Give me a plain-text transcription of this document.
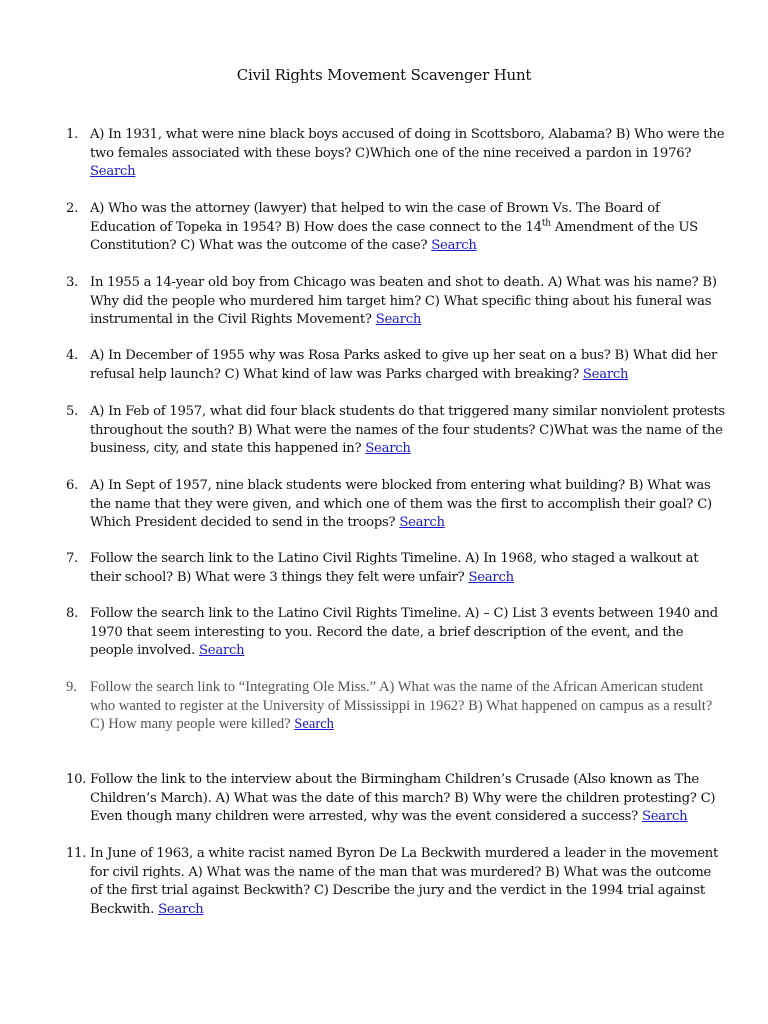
Civil Rights Movement Scavenger Hunt
1. A) In 1931, what were nine black boys accused of doing in Scottsboro, Alabama? B) Who were the two females associated with these boys? C)Which one of the nine received a pardon in 1976? Search
2. A) Who was the attorney (lawyer) that helped to win the case of Brown Vs. The Board of Education of Topeka in 1954? B) How does the case connect to the 14th Amendment of the US Constitution? C) What was the outcome of the case? Search
3. In 1955 a 14-year old boy from Chicago was beaten and shot to death. A) What was his name? B) Why did the people who murdered him target him? C) What specific thing about his funeral was instrumental in the Civil Rights Movement? Search
4. A) In December of 1955 why was Rosa Parks asked to give up her seat on a bus? B) What did her refusal help launch? C) What kind of law was Parks charged with breaking? Search
5. A) In Feb of 1957, what did four black students do that triggered many similar nonviolent protests throughout the south? B) What were the names of the four students? C)What was the name of the business, city, and state this happened in? Search
6. A) In Sept of 1957, nine black students were blocked from entering what building? B) What was the name that they were given, and which one of them was the first to accomplish their goal? C) Which President decided to send in the troops? Search
7. Follow the search link to the Latino Civil Rights Timeline. A) In 1968, who staged a walkout at their school? B) What were 3 things they felt were unfair? Search
8. Follow the search link to the Latino Civil Rights Timeline. A) – C) List 3 events between 1940 and 1970 that seem interesting to you. Record the date, a brief description of the event, and the people involved. Search
9. Follow the search link to “Integrating Ole Miss.” A) What was the name of the African American student who wanted to register at the University of Mississippi in 1962? B) What happened on campus as a result? C) How many people were killed? Search
10. Follow the link to the interview about the Birmingham Children’s Crusade (Also known as The Children’s March). A) What was the date of this march? B) Why were the children protesting? C) Even though many children were arrested, why was the event considered a success? Search
11. In June of 1963, a white racist named Byron De La Beckwith murdered a leader in the movement for civil rights. A) What was the name of the man that was murdered? B) What was the outcome of the first trial against Beckwith? C) Describe the jury and the verdict in the 1994 trial against Beckwith. Search
